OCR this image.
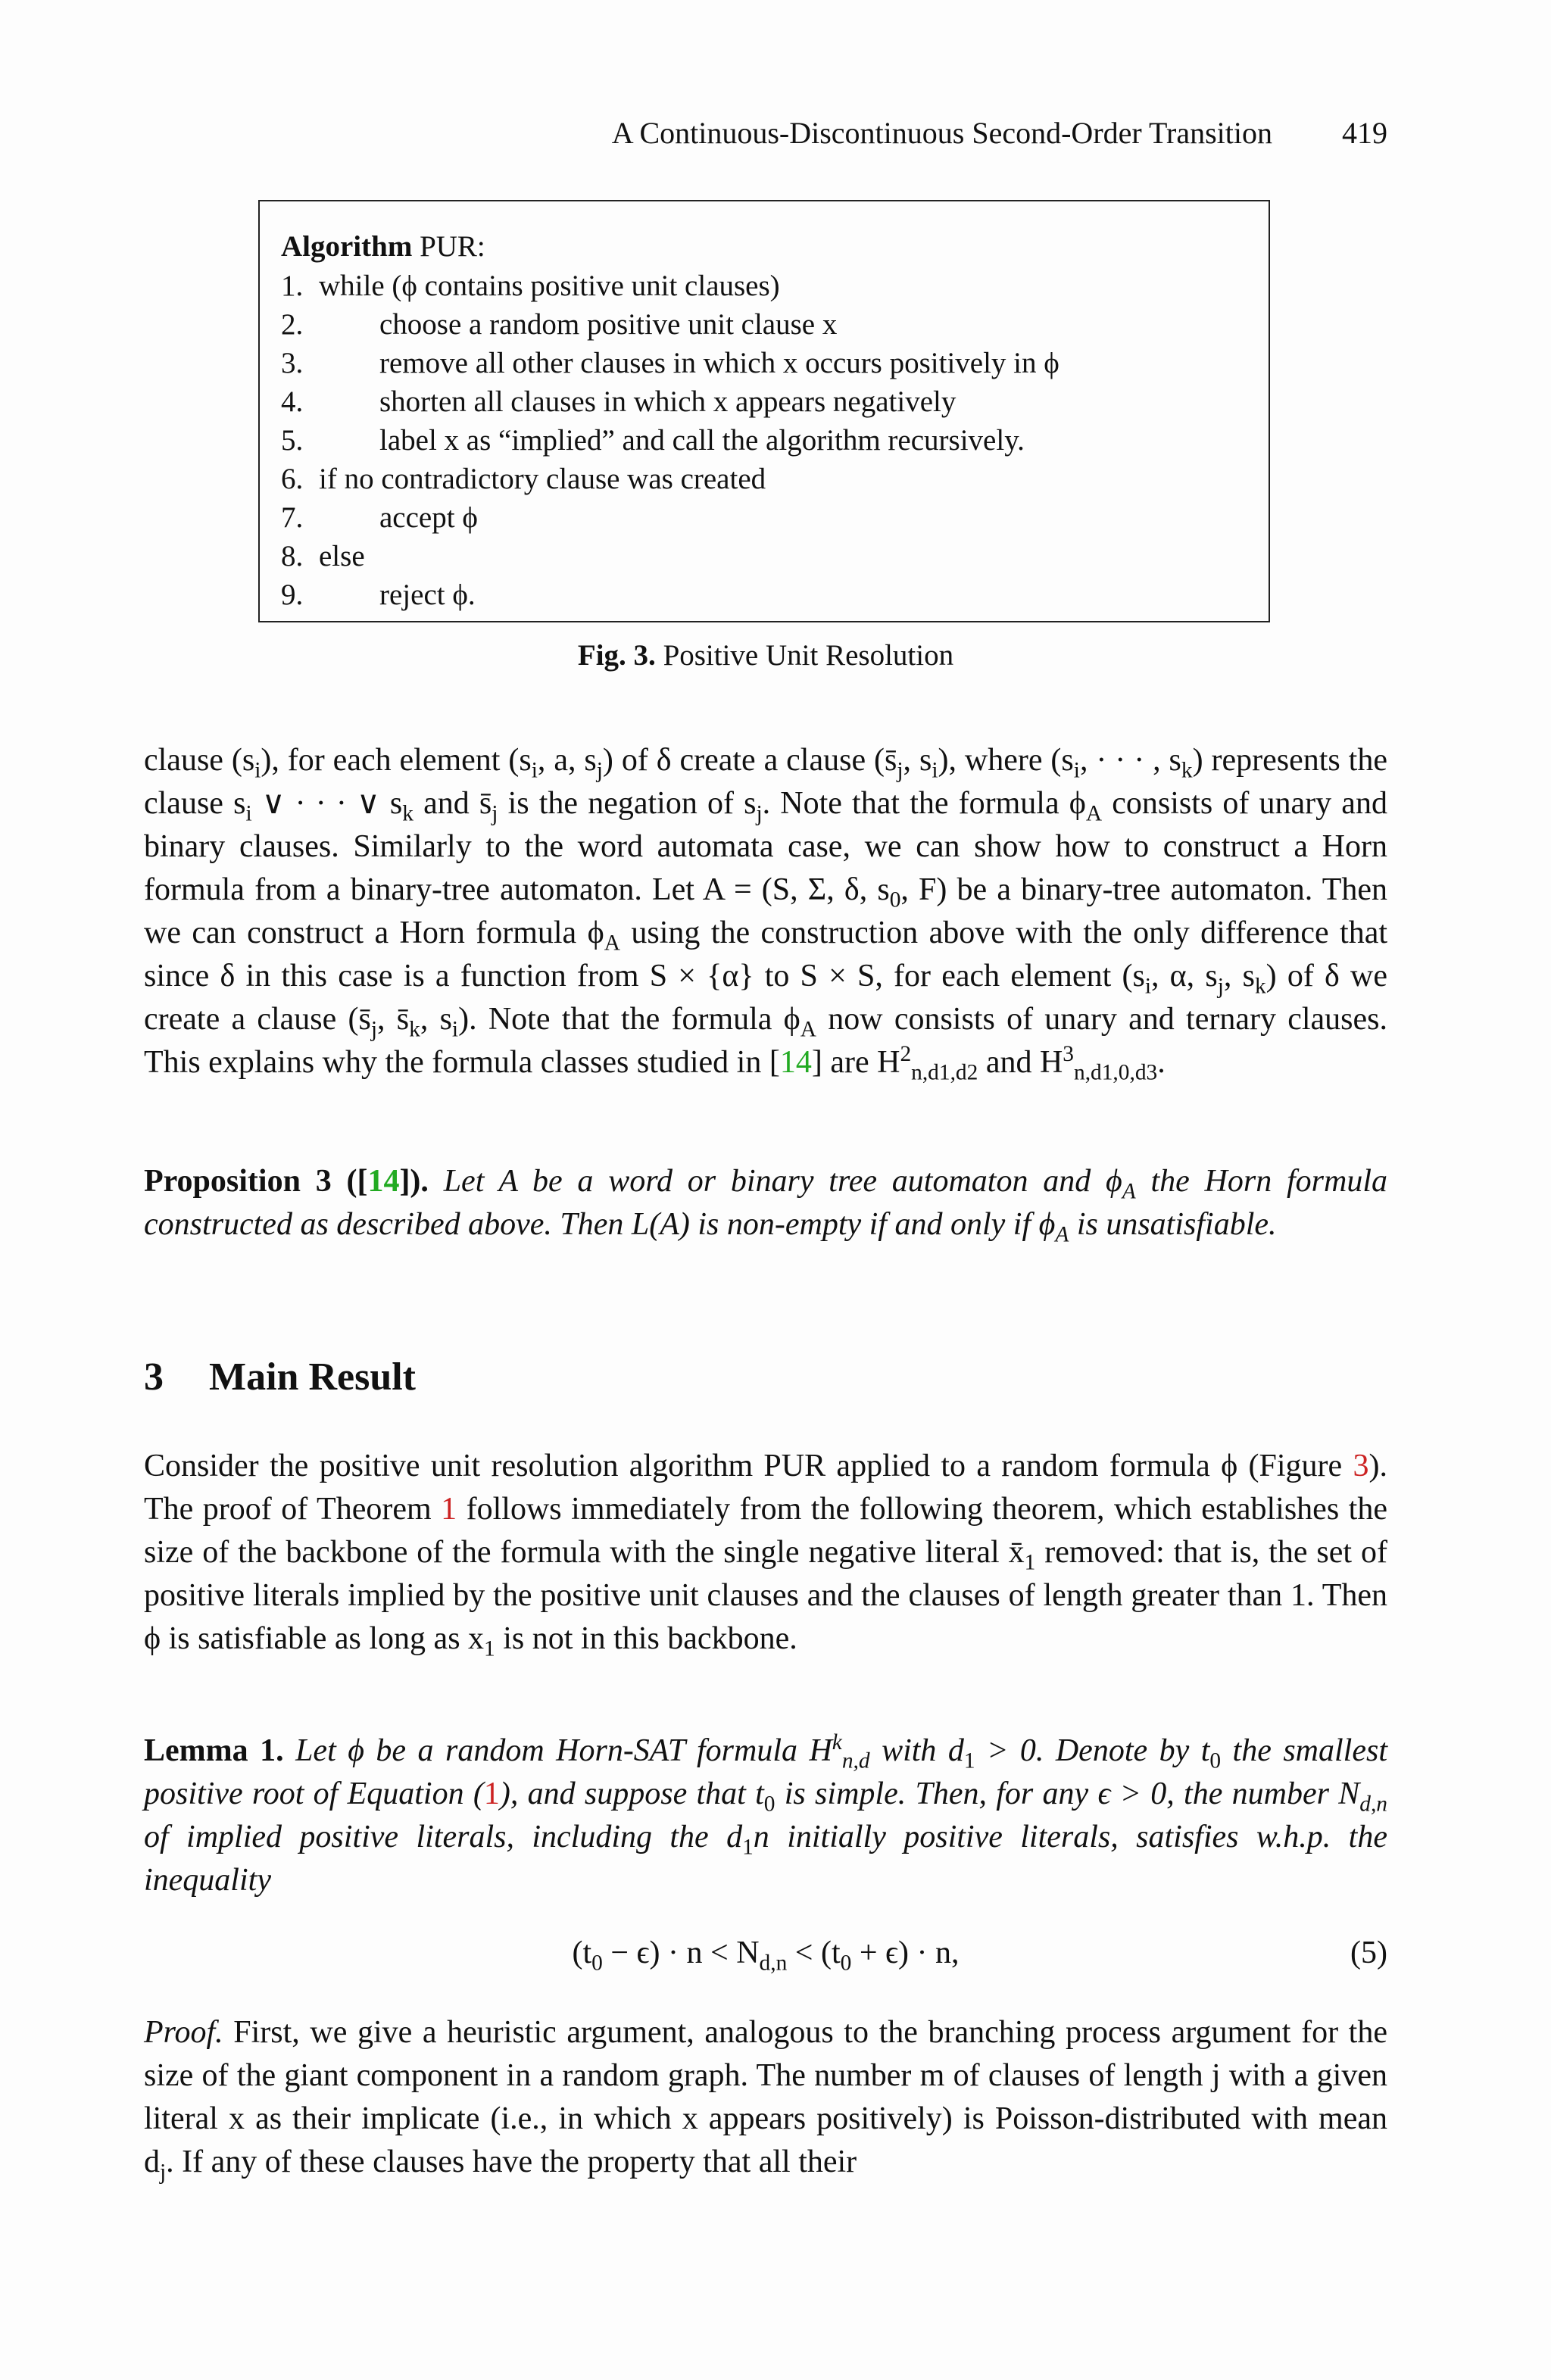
A Continuous-Discontinuous Second-Order Transition 419
Algorithm PUR:
1. while (ϕ contains positive unit clauses)
2.	choose a random positive unit clause x
3.	remove all other clauses in which x occurs positively in ϕ
4.	shorten all clauses in which x appears negatively
5.	label x as “implied” and call the algorithm recursively.
6. if no contradictory clause was created
7.	accept ϕ
8. else
9.	reject ϕ.
Fig. 3. Positive Unit Resolution

clause $(s_i)$, for each element ($s_i$, a, $s_j$) of δ create a clause ($s̄_j$, $s_i$), where ($s_i$, · · · , $s_k$) represents the clause $s_i$ ∨ · · · ∨ $s_k$ and $s̄_j$ is the negation of $s_j$. Note that the formula $\phi_A$ consists of unary and binary clauses. Similarly to the word automata case, we can show how to construct a Horn formula from a binary-tree automaton. Let A = (S, Σ, δ, $s_0$, F) be a binary-tree automaton. Then we can construct a Horn formula $\phi_A$ using the construction above with the only difference that since δ in this case is a function from S × {α} to S × S, for each element ($s_i$, α, $s_j$, $s_k$) of δ we create a clause ($s̄_j$, $s̄_k$, $s_i$). Note that the formula $\phi_A$ now consists of unary and ternary clauses. This explains why the formula classes studied in [14] are $H^2_{n,d1,d2}$ and $H^3_{n,d1,0,d3}$.

Proposition 3 ([14]). Let A be a word or binary tree automaton and $\phi_A$ the Horn formula constructed as described above. Then L(A) is non-empty if and only if $\phi_A$ is unsatisfiable.

3 Main Result

Consider the positive unit resolution algorithm PUR applied to a random formula ϕ (Figure 3). The proof of Theorem 1 follows immediately from the following theorem, which establishes the size of the backbone of the formula with the single negative literal $x̄_1$ removed: that is, the set of positive literals implied by the positive unit clauses and the clauses of length greater than 1. Then ϕ is satisfiable as long as $x_1$ is not in this backbone.

Lemma 1. Let ϕ be a random Horn-SAT formula $H^k_{n,d}$ with $d_1 > 0$. Denote by $t_0$ the smallest positive root of Equation (1), and suppose that $t_0$ is simple. Then, for any ϵ > 0, the number $N_{d,n}$ of implied positive literals, including the $d_1n$ initially positive literals, satisfies w.h.p. the inequality

$(t_0 - \epsilon) \cdot n < N_{d,n} < (t_0 + \epsilon) \cdot n$,	(5)

Proof. First, we give a heuristic argument, analogous to the branching process argument for the size of the giant component in a random graph. The number m of clauses of length j with a given literal x as their implicate (i.e., in which x appears positively) is Poisson-distributed with mean $d_j$. If any of these clauses have the property that all their
